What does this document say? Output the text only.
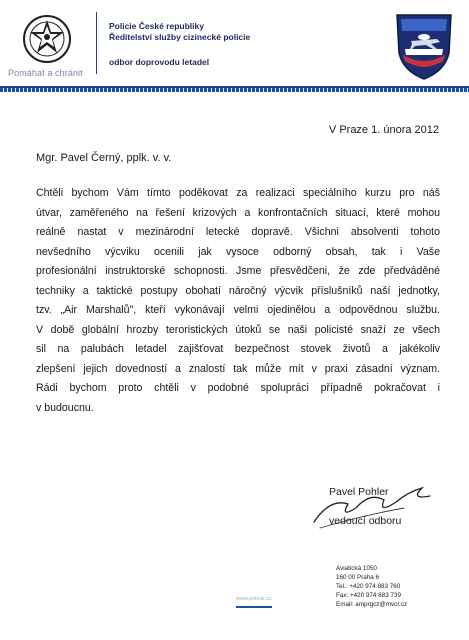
Pomáhat a chránit
Policie České republiky
Ředitelství služby cizinecké policie
odbor doprovodu letadel
V Praze 1. února 2012
Mgr. Pavel Černý, pplk. v. v.
Chtěli bychom Vám tímto poděkovat za realizaci speciálního kurzu pro náš
útvar, zaměřeného na řešení krizových a konfrontačních situací, které mohou
reálně nastat v mezinárodní letecké dopravě. Všichni absolventi tohoto
nevšedního výcviku ocenili jak vysoce odborný obsah, tak i Vaše
profesionální instruktorské schopnosti. Jsme přesvědčeni, že zde předváděné
techniky a taktické postupy obohatí náročný výcvik příslušníků naší jednotky,
tzv. „Air Marshalů", kteří vykonávají velmi ojedinělou a odpovědnou službu.
V době globální hrozby teroristických útoků se naši policisté snaží ze všech
sil na palubách letadel zajišťovat bezpečnost stovek životů a jakékoliv
zlepšení jejich dovedností a znalostí tak může mít v praxi zásadní význam.
Rádi bychom proto chtěli v podobné spolupráci případně pokračovat i
v budoucnu.
Pavel Pohler
vedoucí odboru
Aviatická 1050
160 00 Praha 6
Tel.: +420 974 883 760
Fax: +420 974 883 739
Email: amprgcz@mvcr.cz
www.policie.cz
